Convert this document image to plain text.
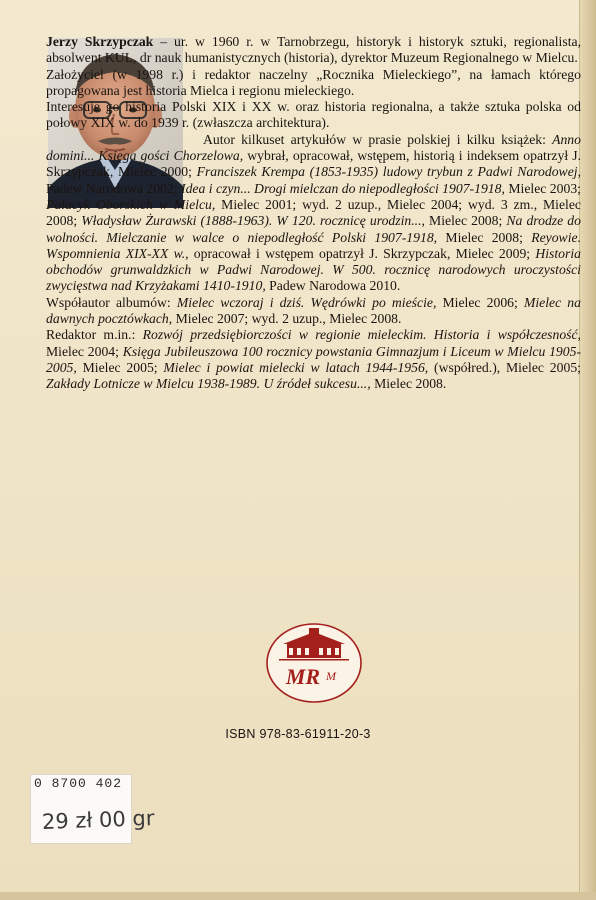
Jerzy Skrzypczak – ur. w 1960 r. w Tarnobrzegu, historyk i historyk sztuki, regionalista, absolwent KUL, dr nauk humanistycznych (historia), dyrektor Muzeum Regionalnego w Mielcu.

Założyciel (w 1998 r.) i redaktor naczelny „Rocznika Mieleckiego”, na łamach którego propagowana jest historia Mielca i regionu mieleckiego.

Interesuje go historia Polski XIX i XX w. oraz historia regionalna, a także sztuka polska od połowy XIX w. do 1939 r. (zwłaszcza architektura).

Autor kilkuset artykułów w prasie polskiej i kilku książek: Anno domini... Księga gości Chorzelowa, wybrał, opracował, wstępem, historią i indeksem opatrzył J. Skrzypczak, Mielec 2000; Franciszek Krempa (1853-1935) ludowy trybun z Padwi Narodowej, Padew Narodowa 2002; Idea i czyn... Drogi mielczan do niepodległości 1907-1918, Mielec 2003; Pałacyk Oborskich w Mielcu, Mielec 2001; wyd. 2 uzup., Mielec 2004; wyd. 3 zm., Mielec 2008; Władysław Żurawski (1888-1963). W 120. rocznicę urodzin..., Mielec 2008; Na drodze do wolności. Mielczanie w walce o niepodległość Polski 1907-1918, Mielec 2008; Reyowie. Wspomnienia XIX-XX w., opracował i wstępem opatrzył J. Skrzypczak, Mielec 2009; Historia obchodów grunwaldzkich w Padwi Narodowej. W 500. rocznicę narodowych uroczystości zwycięstwa nad Krzyżakami 1410-1910, Padew Narodowa 2010.

Współautor albumów: Mielec wczoraj i dziś. Wędrówki po mieście, Mielec 2006; Mielec na dawnych pocztówkach, Mielec 2007; wyd. 2 uzup., Mielec 2008.

Redaktor m.in.: Rozwój przedsiębiorczości w regionie mieleckim. Historia i współczesność, Mielec 2004; Księga Jubileuszowa 100 rocznicy powstania Gimnazjum i Liceum w Mielcu 1905-2005, Mielec 2005; Mielec i powiat mielecki w latach 1944-1956, (współred.), Mielec 2005; Zakłady Lotnicze w Mielcu 1938-1989. U źródeł sukcesu..., Mielec 2008.

MR M
ISBN 978-83-61911-20-3
0 8700 402
29 zł 00 gr
